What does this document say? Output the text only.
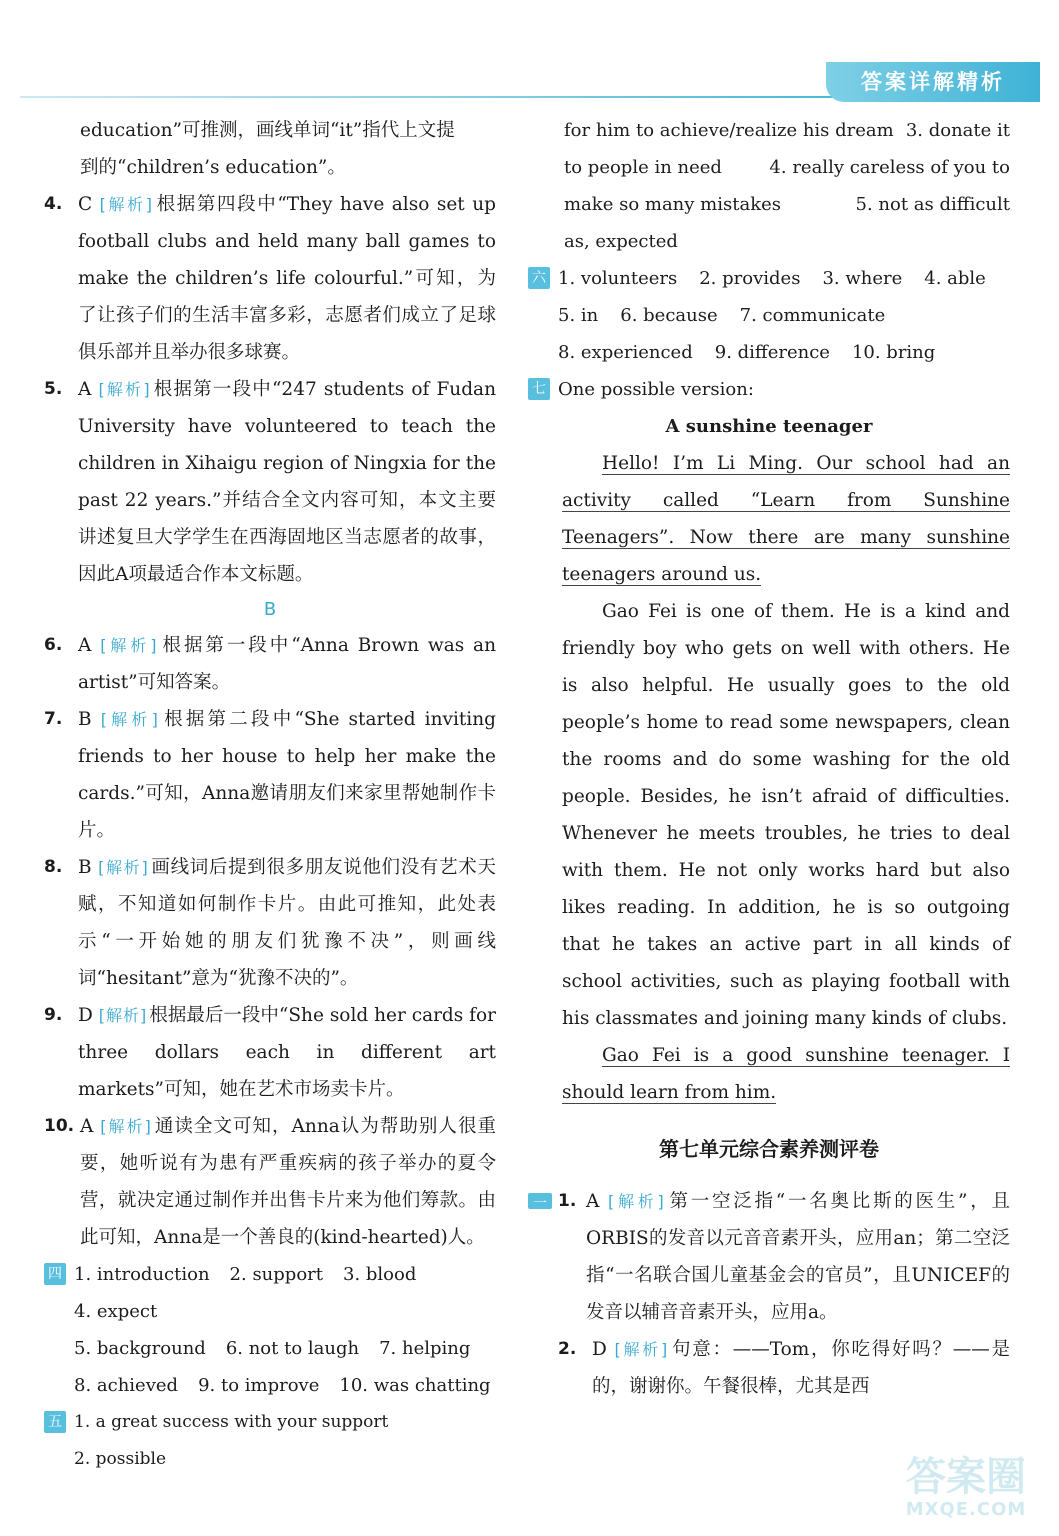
答案详解精析
education”可推测，画线单词“it”指代上文提
到的“children’s education”。
4. C [解析] 根据第四段中“They have also set up football clubs and held many ball games to make the children’s life colourful.”可知，为了让孩子们的生活丰富多彩，志愿者们成立了足球俱乐部并且举办很多球赛。
5. A [解析] 根据第一段中“247 students of Fudan University have volunteered to teach the children in Xihaigu region of Ningxia for the past 22 years.”并结合全文内容可知，本文主要讲述复旦大学学生在西海固地区当志愿者的故事，因此A项最适合作本文标题。
B
6. A [解析] 根据第一段中“Anna Brown was an artist”可知答案。
7. B [解析] 根据第二段中“She started inviting friends to her house to help her make the cards.”可知，Anna邀请朋友们来家里帮她制作卡片。
8. B [解析] 画线词后提到很多朋友说他们没有艺术天赋，不知道如何制作卡片。由此可推知，此处表示“一开始她的朋友们犹豫不决”，则画线词“hesitant”意为“犹豫不决的”。
9. D [解析] 根据最后一段中“She sold her cards for three dollars each in different art markets”可知，她在艺术市场卖卡片。
10. A [解析] 通读全文可知，Anna认为帮助别人很重要，她听说有为患有严重疾病的孩子举办的夏令营，就决定通过制作并出售卡片来为他们筹款。由此可知，Anna是一个善良的(kind-hearted)人。
四 1. introduction 2. support 3. blood
4. expect
5. background 6. not to laugh 7. helping
8. achieved 9. to improve 10. was chatting
五 1. a great success with your support
2. possible
for him to achieve/realize his dream 3. donate it
to people in need	4. really careless of you to
make so many mistakes	5. not as difficult
as, expected
六 1. volunteers 2. provides 3. where 4. able
5. in 6. because 7. communicate
8. experienced 9. difference 10. bring
七 One possible version:
A sunshine teenager

Hello! I’m Li Ming. Our school had an activity called “Learn from Sunshine Teenagers”. Now there are many sunshine teenagers around us.

Gao Fei is one of them. He is a kind and friendly boy who gets on well with others. He is also helpful. He usually goes to the old people’s home to read some newspapers, clean the rooms and do some washing for the old people. Besides, he isn’t afraid of difficulties. Whenever he meets troubles, he tries to deal with them. He not only works hard but also likes reading. In addition, he is so outgoing that he takes an active part in all kinds of school activities, such as playing football with his classmates and joining many kinds of clubs.

Gao Fei is a good sunshine teenager. I should learn from him.

第七单元综合素养测评卷
一 1. A [解析] 第一空泛指“一名奥比斯的医生”，且ORBIS的发音以元音音素开头，应用an；第二空泛指“一名联合国儿童基金会的官员”，且UNICEF的发音以辅音音素开头，应用a。
2. D [解析] 句意：——Tom，你吃得好吗？——是的，谢谢你。午餐很棒，尤其是西
答案圈
MXQE.COM
